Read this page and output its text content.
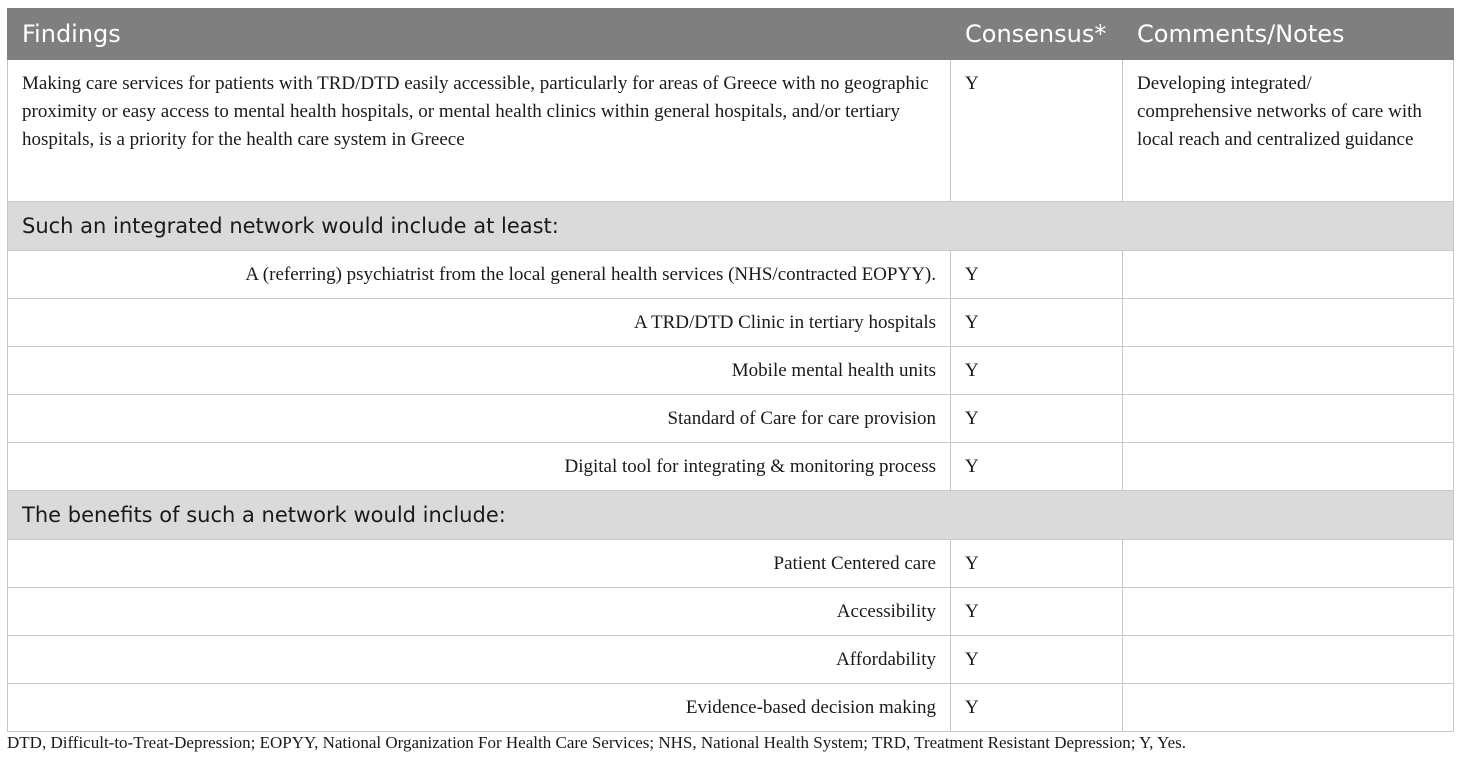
Findings	Consensus*	Comments/Notes
Making care services for patients with TRD/DTD easily accessible, particularly for areas of Greece with no geographic proximity or easy access to mental health hospitals, or mental health clinics within general hospitals, and/or tertiary hospitals, is a priority for the health care system in Greece	Y	Developing integrated/ comprehensive networks of care with local reach and centralized guidance
Such an integrated network would include at least:		
A (referring) psychiatrist from the local general health services (NHS/contracted EOPYY).	Y	
A TRD/DTD Clinic in tertiary hospitals	Y	
Mobile mental health units	Y	
Standard of Care for care provision	Y	
Digital tool for integrating & monitoring process	Y	
The benefits of such a network would include:		
Patient Centered care	Y	
Accessibility	Y	
Affordability	Y	
Evidence-based decision making	Y	
DTD, Difficult-to-Treat-Depression; EOPYY, National Organization For Health Care Services; NHS, National Health System; TRD, Treatment Resistant Depression; Y, Yes.
